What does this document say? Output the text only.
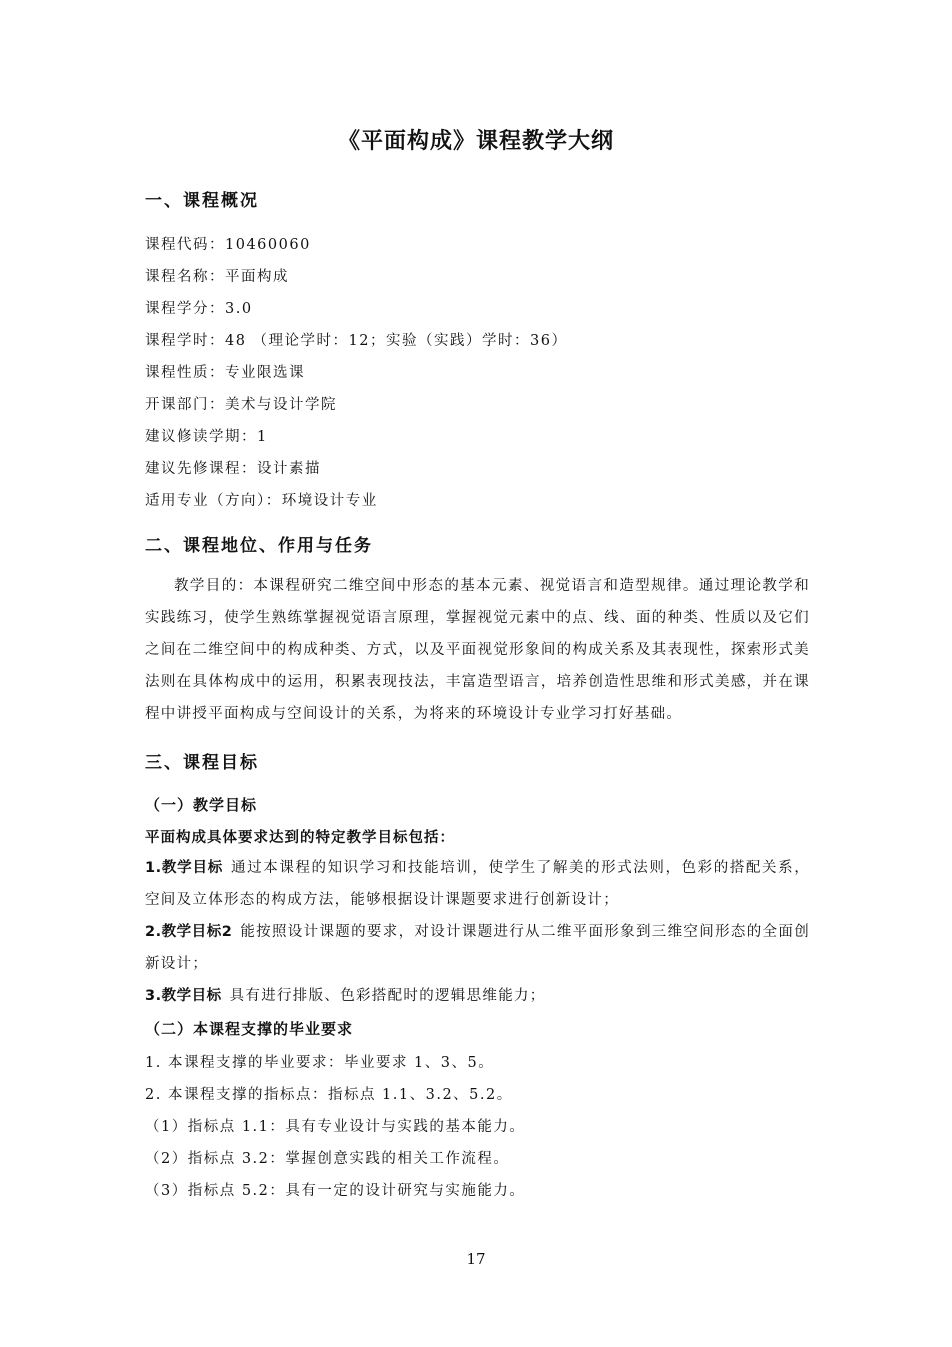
《平面构成》课程教学大纲
一、课程概况
课程代码：10460060
课程名称：平面构成
课程学分：3.0
课程学时：48 （理论学时：12；实验（实践）学时：36）
课程性质：专业限选课
开课部门：美术与设计学院
建议修读学期：1
建议先修课程：设计素描
适用专业（方向）：环境设计专业
二、课程地位、作用与任务
教学目的：本课程研究二维空间中形态的基本元素、视觉语言和造型规律。通过理论教学和实践练习，使学生熟练掌握视觉语言原理，掌握视觉元素中的点、线、面的种类、性质以及它们之间在二维空间中的构成种类、方式，以及平面视觉形象间的构成关系及其表现性，探索形式美法则在具体构成中的运用，积累表现技法，丰富造型语言，培养创造性思维和形式美感，并在课程中讲授平面构成与空间设计的关系，为将来的环境设计专业学习打好基础。
三、课程目标
（一）教学目标
平面构成具体要求达到的特定教学目标包括：
1.教学目标 通过本课程的知识学习和技能培训，使学生了解美的形式法则，色彩的搭配关系，空间及立体形态的构成方法，能够根据设计课题要求进行创新设计；
2.教学目标2 能按照设计课题的要求，对设计课题进行从二维平面形象到三维空间形态的全面创新设计；
3.教学目标 具有进行排版、色彩搭配时的逻辑思维能力；
（二）本课程支撑的毕业要求
1. 本课程支撑的毕业要求：毕业要求 1、3、5。
2. 本课程支撑的指标点：指标点 1.1、3.2、5.2。
（1）指标点 1.1：具有专业设计与实践的基本能力。
（2）指标点 3.2：掌握创意实践的相关工作流程。
（3）指标点 5.2：具有一定的设计研究与实施能力。
17
